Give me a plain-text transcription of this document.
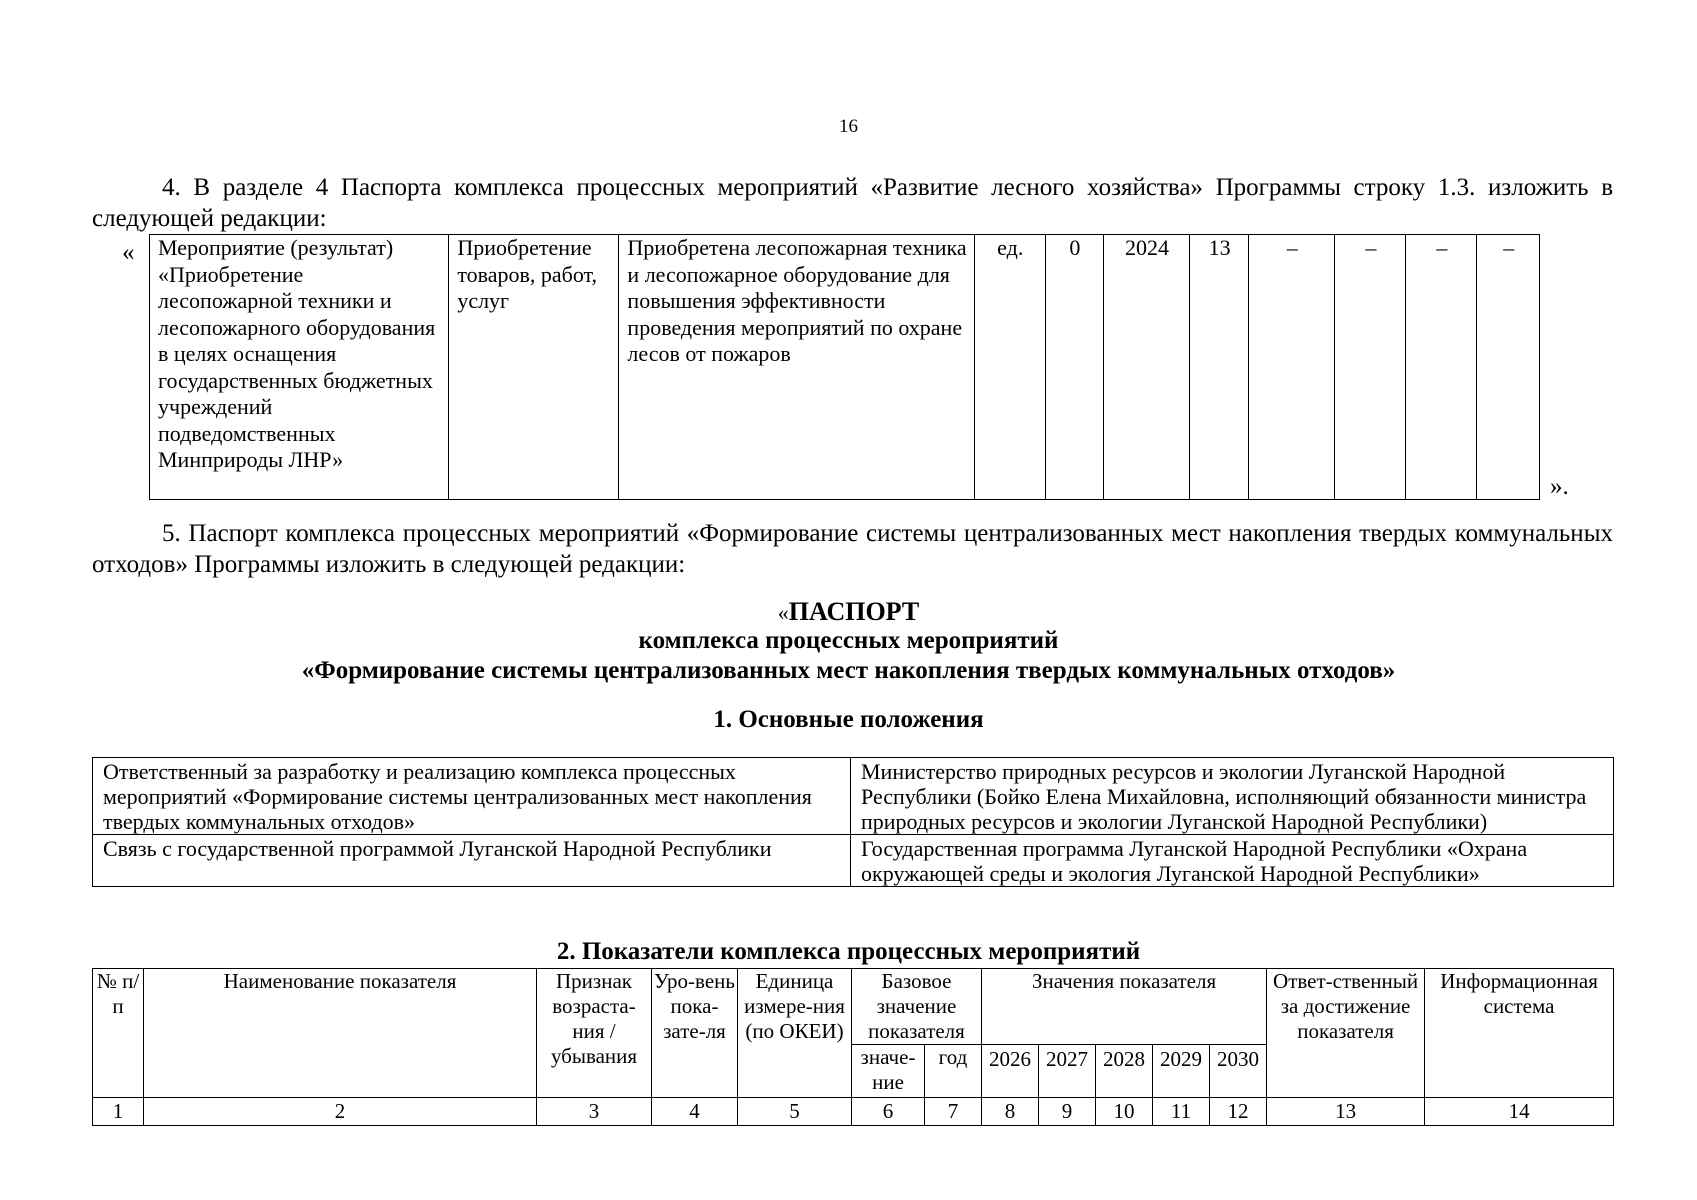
16
4. В разделе 4 Паспорта комплекса процессных мероприятий «Развитие лесного хозяйства» Программы строку 1.3. изложить в следующей редакции:
« Мероприятие (результат) «Приобретение лесопожарной техники и лесопожарного оборудования в целях оснащения государственных бюджетных учреждений подведомственных Минприроды ЛНР»	Приобретение товаров, работ, услуг	Приобретена лесопожарная техника и лесопожарное оборудование для повышения эффективности проведения мероприятий по охране лесов от пожаров	ед.	0	2024	13	–	–	–	–
».
5. Паспорт комплекса процессных мероприятий «Формирование системы централизованных мест накопления твердых коммунальных отходов» Программы изложить в следующей редакции:
«ПАСПОРТ
комплекса процессных мероприятий
«Формирование системы централизованных мест накопления твердых коммунальных отходов»
1. Основные положения
Ответственный за разработку и реализацию комплекса процессных мероприятий «Формирование системы централизованных мест накопления твердых коммунальных отходов»	Министерство природных ресурсов и экологии Луганской Народной Республики (Бойко Елена Михайловна, исполняющий обязанности министра природных ресурсов и экологии Луганской Народной Республики)
Связь с государственной программой Луганской Народной Республики	Государственная программа Луганской Народной Республики «Охрана окружающей среды и экология Луганской Народной Республики»
2. Показатели комплекса процессных мероприятий
№ п/п	Наименование показателя	Признак возраста-ния / убывания	Уро-вень пока-зате-ля	Единица измере-ния (по ОКЕИ)	Базовое значение показателя		Значения показателя					Ответ-ственный за достижение показателя	Информационная система

					значе-ние	год	2026	2027	2028	2029	2030		
1	2	3	4	5	6	7	8	9	10	11	12	13	14
